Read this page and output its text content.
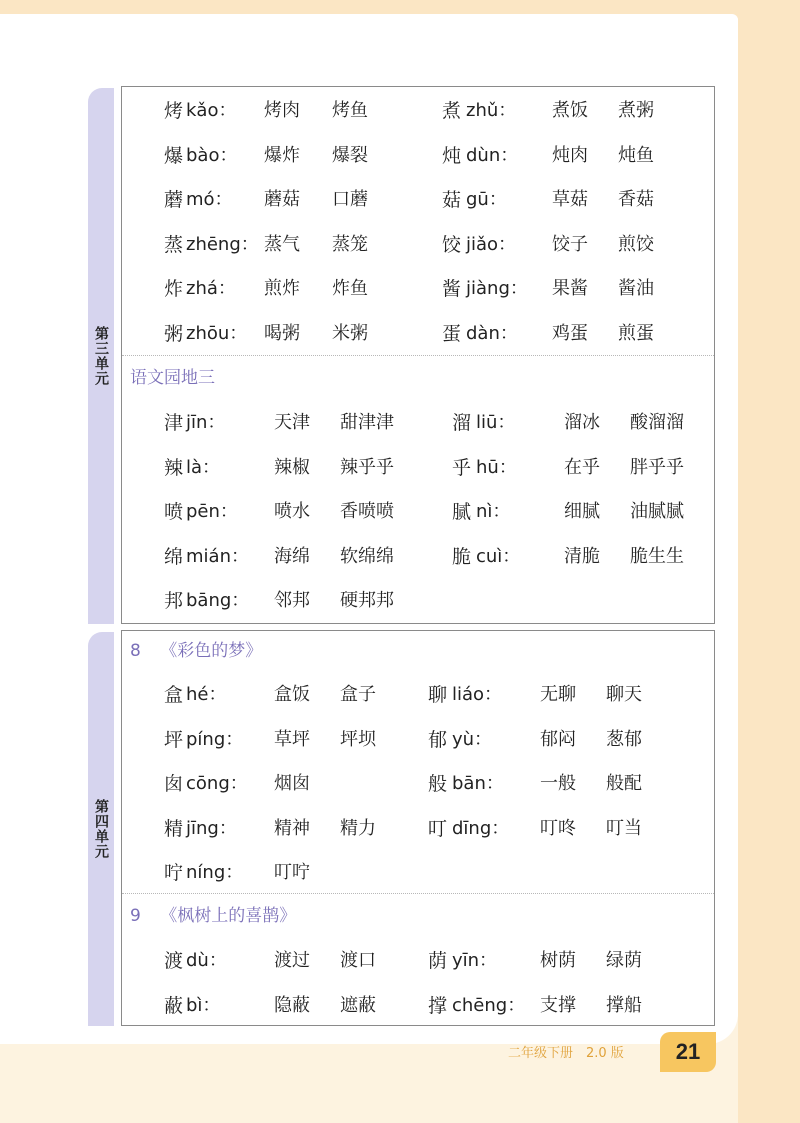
第三单元
烤 kǎo： 烤肉 烤鱼	煮 zhǔ： 煮饭 煮粥
爆 bào： 爆炸 爆裂	炖 dùn： 炖肉 炖鱼
蘑 mó： 蘑菇 口蘑	菇 gū：	草菇 香菇
蒸 zhēng： 蒸气 蒸笼	饺 jiǎo： 饺子 煎饺
炸 zhá： 煎炸 炸鱼	酱 jiàng： 果酱 酱油
粥 zhōu： 喝粥 米粥	蛋 dàn： 鸡蛋 煎蛋
语文园地三
津 jīn：	天津 甜津津	溜 liū：	溜冰 酸溜溜
辣 là：	辣椒 辣乎乎	乎 hū：	在乎 胖乎乎
喷 pēn： 喷水 香喷喷	腻 nì：	细腻 油腻腻
绵 mián： 海绵 软绵绵	脆 cuì： 清脆 脆生生
邦 bāng： 邻邦 硬邦邦
第四单元
8 《彩色的梦》
盒 hé：	盒饭 盒子	聊 liáo： 无聊 聊天
坪 píng： 草坪 坪坝	郁 yù：	郁闷 葱郁
囱 cōng： 烟囱	般 bān： 一般 般配
精 jīng： 精神 精力	叮 dīng： 叮咚 叮当
咛 níng： 叮咛
9 《枫树上的喜鹊》
渡 dù：	渡过 渡口	荫 yīn： 树荫 绿荫
蔽 bì：	隐蔽 遮蔽	撑 chēng： 支撑 撑船
二年级下册　2.0 版	21
